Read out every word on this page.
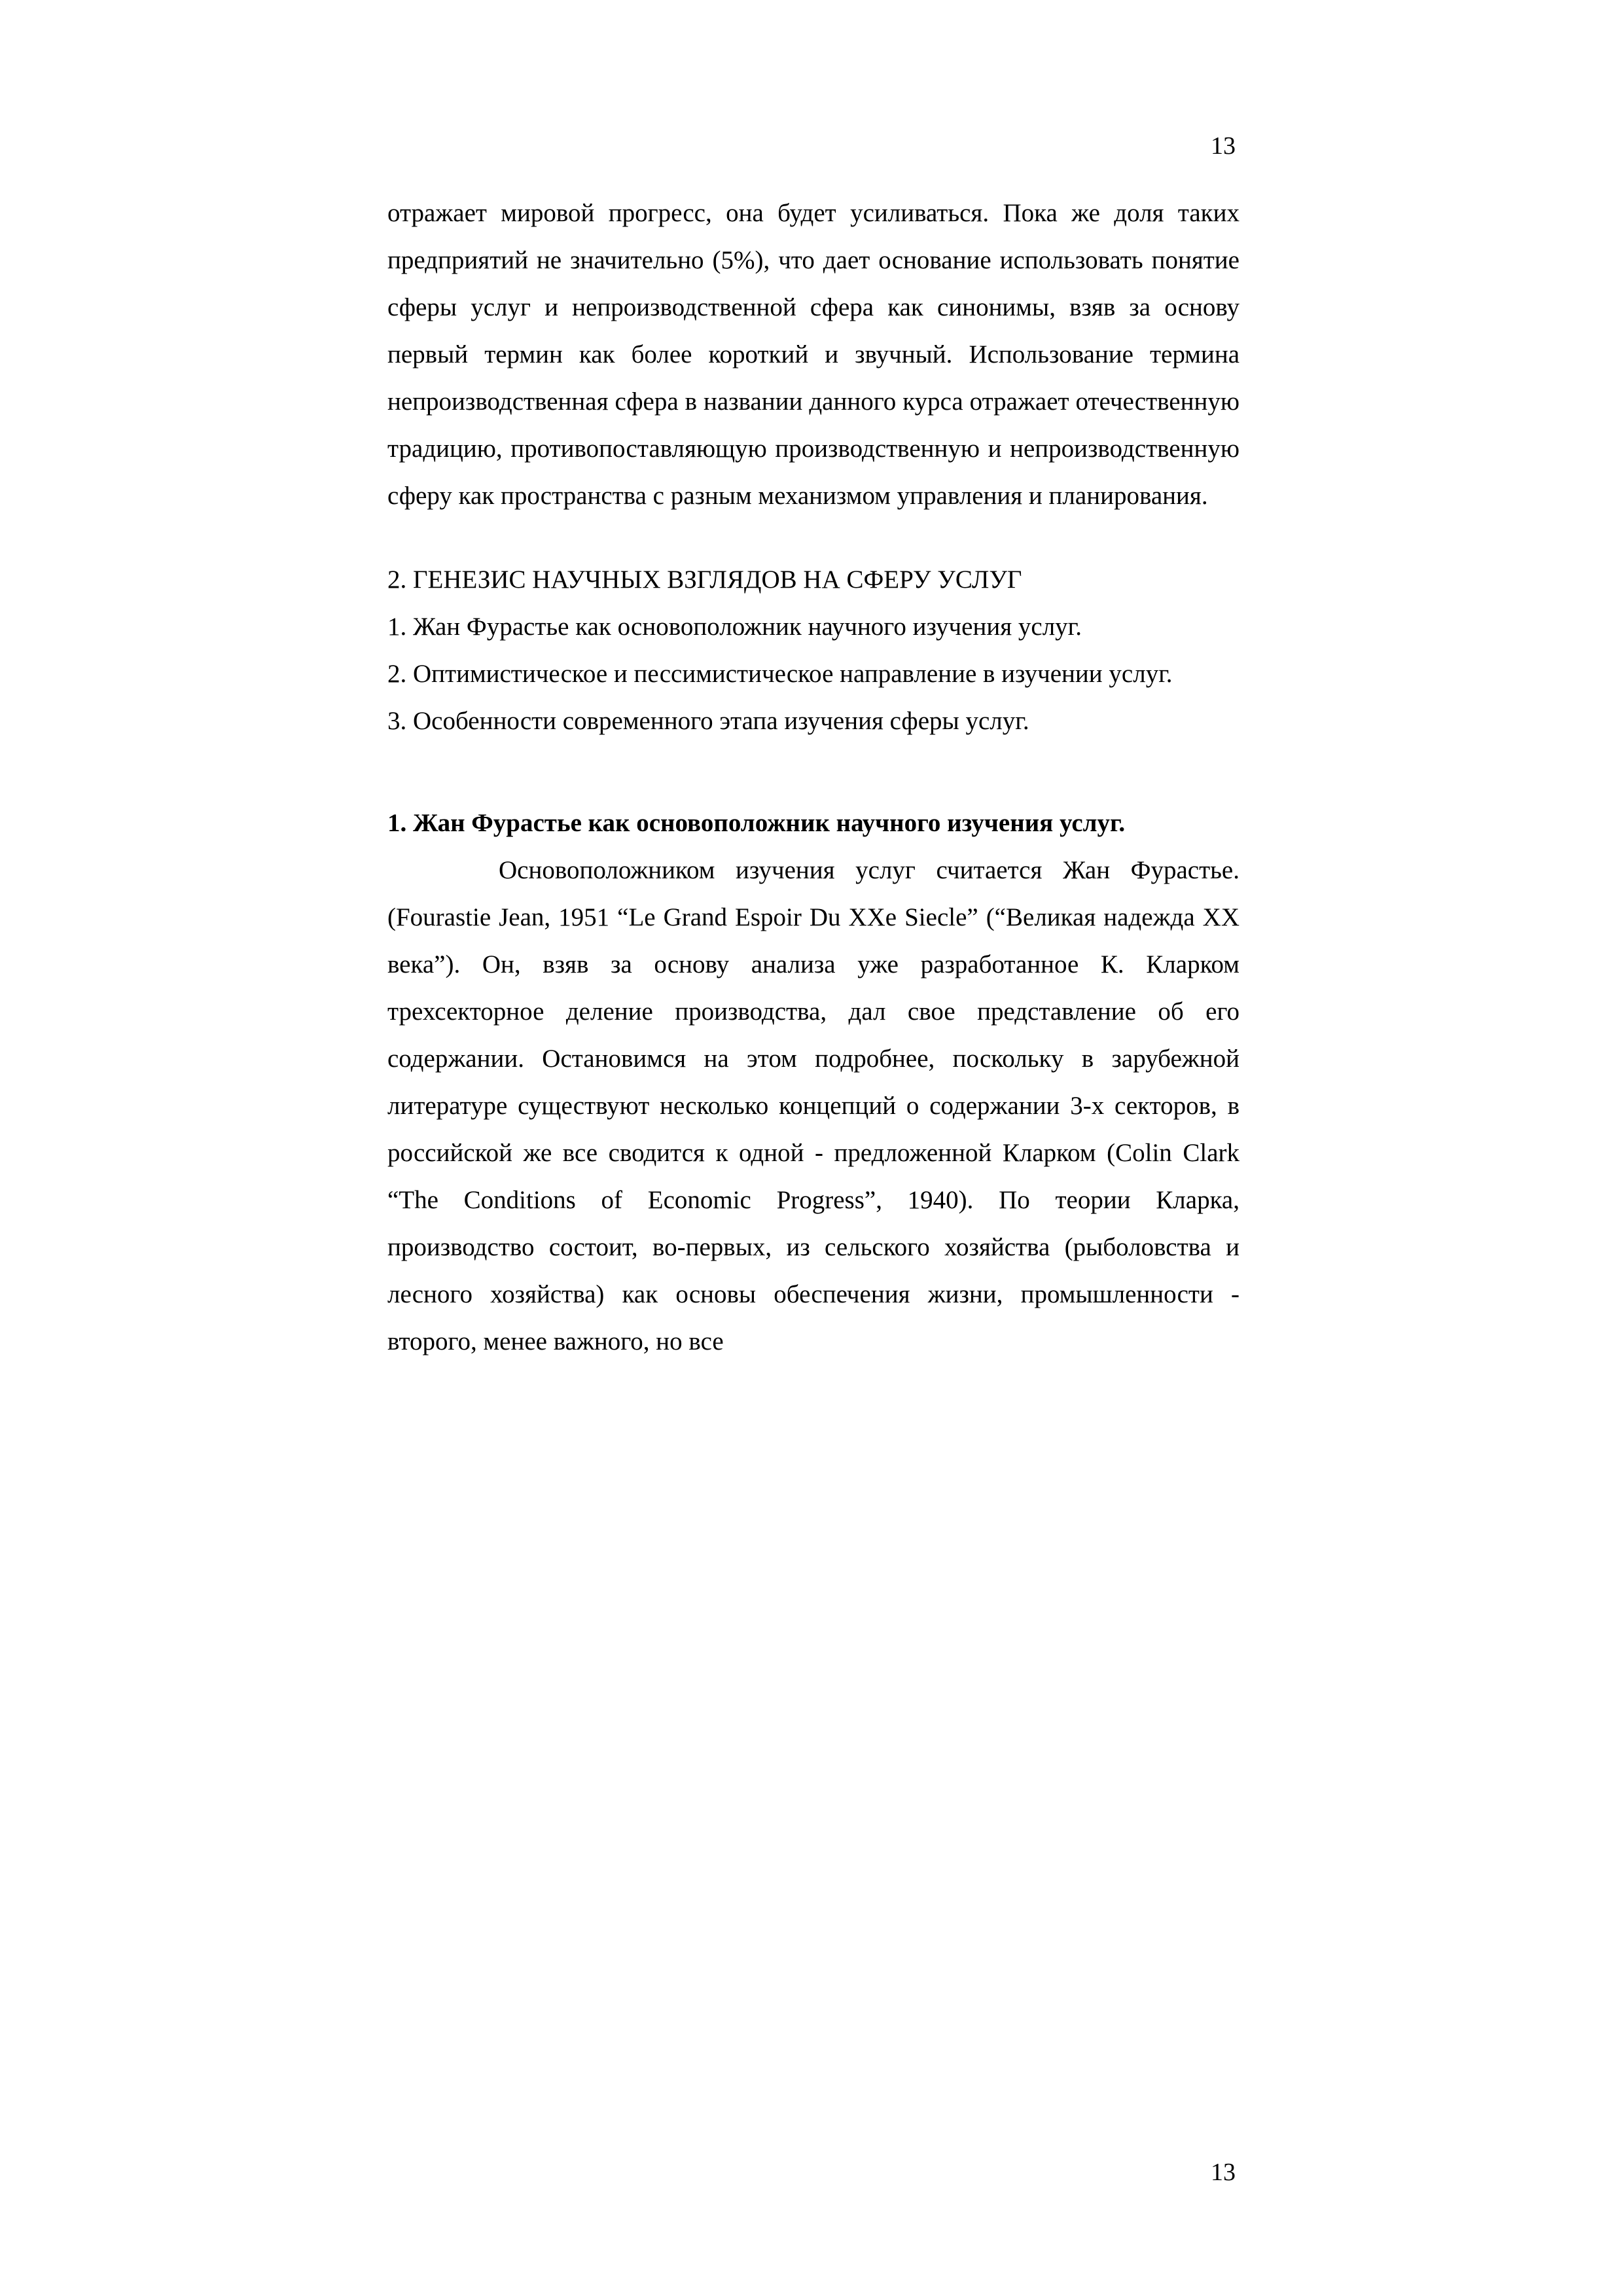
13

отражает мировой прогресс, она будет усиливаться. Пока же доля таких предприятий не значительно (5%), что дает основание использовать понятие сферы услуг и непроизводственной сфера как синонимы, взяв за основу первый термин как более короткий и звучный. Использование термина непроизводственная сфера в названии данного курса отражает отечественную традицию, противопоставляющую производственную и непроизводственную сферу как пространства с разным механизмом управления и планирования.

2. ГЕНЕЗИС НАУЧНЫХ ВЗГЛЯДОВ НА СФЕРУ УСЛУГ

1. Жан Фурастье как основоположник научного изучения услуг.

2. Оптимистическое и пессимистическое направление в изучении услуг.

3. Особенности современного этапа изучения сферы услуг.

1. Жан Фурастье как основоположник научного изучения услуг.

Основоположником изучения услуг считается Жан Фурастье.(Fourastie Jean, 1951 “Le Grand Espoir Du XXe Siecle” (“Великая надежда XX века”). Он, взяв за основу анализа уже разработанное К. Кларком трехсекторное деление производства, дал свое представление об его содержании. Остановимся на этом подробнее, поскольку в зарубежной литературе существуют несколько концепций о содержании 3-х секторов, в российской же все сводится к одной - предложенной Кларком (Colin Clark “The Conditions of Economic Progress”, 1940). По теории Кларка, производство состоит, во-первых, из сельского хозяйства (рыболовства и лесного хозяйства) как основы обеспечения жизни, промышленности - второго, менее важного, но все

13
